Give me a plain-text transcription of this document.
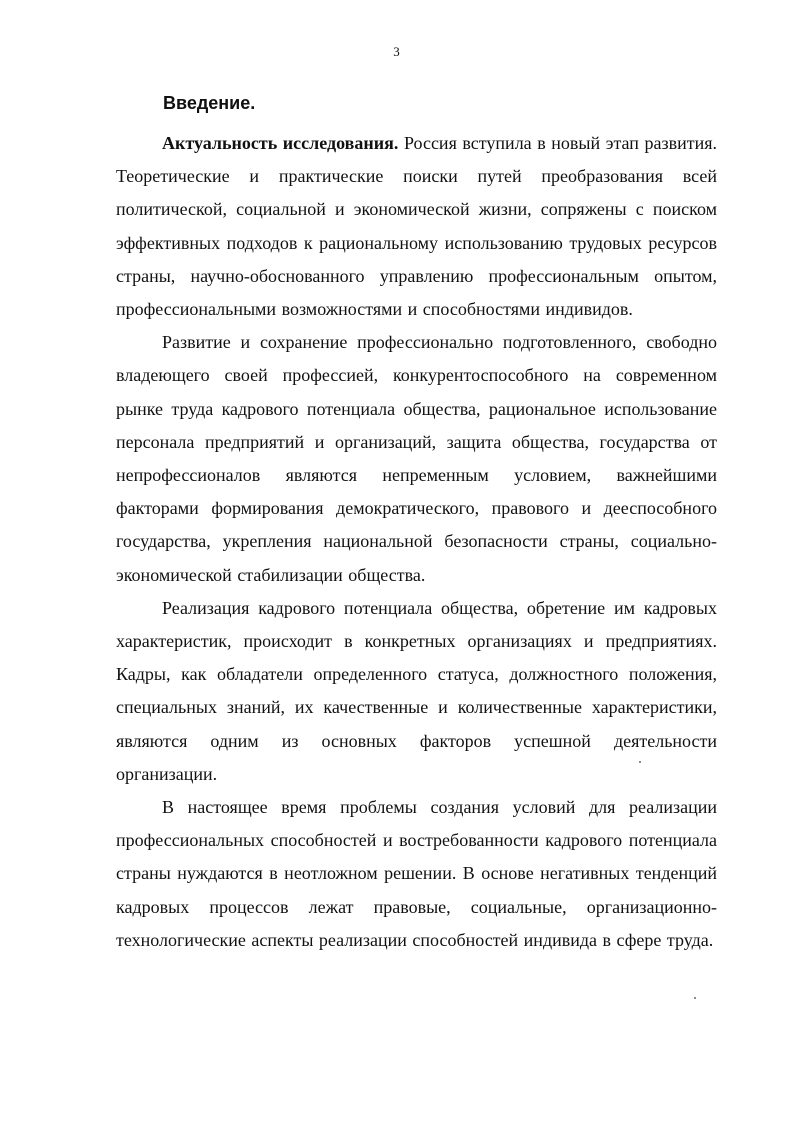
3
Введение.

Актуальность исследования. Россия вступила в новый этап развития. Теоретические и практические поиски путей преобразования всей политической, социальной и экономической жизни, сопряжены с поиском эффективных подходов к рациональному использованию трудовых ресурсов страны, научно-обоснованного управлению профессиональным опытом, профессиональными возможностями и способностями индивидов.

Развитие и сохранение профессионально подготовленного, свободно владеющего своей профессией, конкурентоспособного на современном рынке труда кадрового потенциала общества, рациональное использование персонала предприятий и организаций, защита общества, государства от непрофессионалов являются непременным условием, важнейшими факторами формирования демократического, правового и дееспособного государства, укрепления национальной безопасности страны, социально-экономической стабилизации общества.

Реализация кадрового потенциала общества, обретение им кадровых характеристик, происходит в конкретных организациях и предприятиях. Кадры, как обладатели определенного статуса, должностного положения, специальных знаний, их качественные и количественные характеристики, являются одним из основных факторов успешной деятельности организации.

В настоящее время проблемы создания условий для реализации профессиональных способностей и востребованности кадрового потенциала страны нуждаются в неотложном решении. В основе негативных тенденций кадровых процессов лежат правовые, социальные, организационно-технологические аспекты реализации способностей индивида в сфере труда.
